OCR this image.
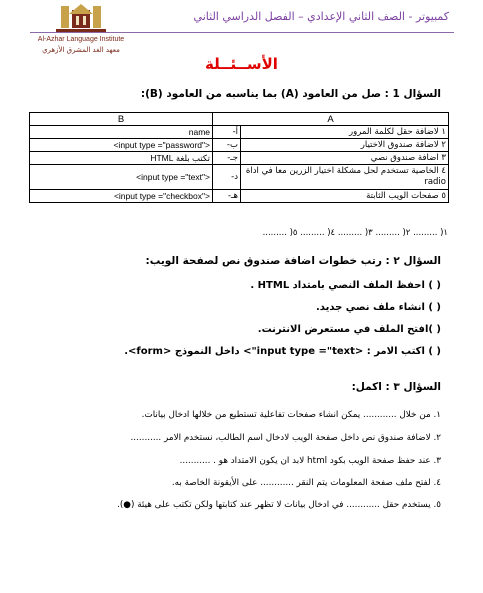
Al-Azhar Language Institute
معهد الغد المشرق الأزهري
كمبيوتر - الصف الثاني الإعدادي – الفصل الدراسي الثاني
الأســئــلة
السؤال 1 : صل من العامود (A) بما يناسبه من العامود (B):
B	A	
name	أ-	١ لاضافة حقل لكلمة المرور
<input type ="password">	ب-	٢ لاضافة صندوق الاختيار
تكتب بلغة HTML	جـ-	٣ اضافة صندوق نصي
<input type ="text">	د-	٤ الخاصية تستخدم لحل مشكلة اختيار الزرين معا في اداة radio
<input type ="checkbox">	هـ-	٥ صفحات الويب الثابتة
١( ......... ٢( ......... ٣( ......... ٤( ......... ٥( .........
السؤال ٢ : رتب خطوات اضافة صندوق نص لصفحة الويب:
( ) احفظ الملف النصي بامتداد HTML .
( ) انشاء ملف نصي جديد.
( )افتح الملف في مستعرض الانترنت.
( ) اكتب الامر : <input type ="text"> داخل النموذج <form>.
السؤال ٣ : اكمل:
١. من خلال ............ يمكن انشاء صفحات تفاعلية تستطيع من خلالها ادخال بيانات.
٢. لاضافة صندوق نص داخل صفحة الويب لادخال اسم الطالب، نستخدم الامر ...........
٣. عند حفظ صفحة الويب بكود html لابد ان يكون الامتداد هو . ...........
٤. لفتح ملف صفحة المعلومات يتم النقر ............ على الأيقونة الخاصة به.
٥. يستخدم حقل ............ في ادخال بيانات لا تظهر عند كتابتها ولكن تكتب على هيئة (●).
